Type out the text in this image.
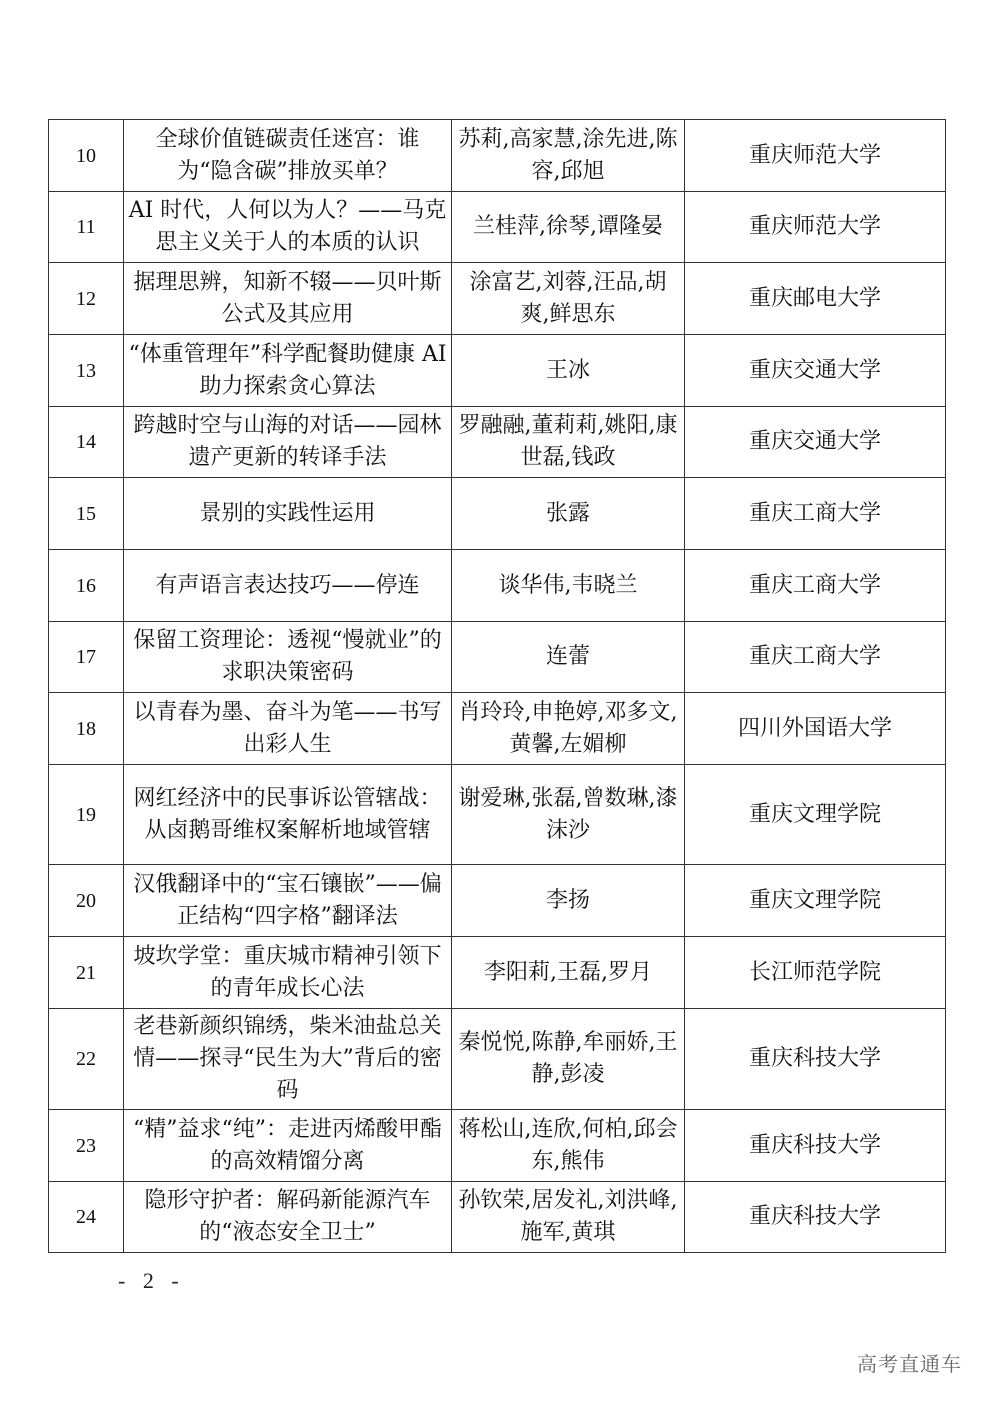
10	全球价值链碳责任迷宫：谁为“隐含碳”排放买单？	苏莉,高家慧,涂先进,陈容,邱旭	重庆师范大学
11	AI 时代，人何以为人？——马克思主义关于人的本质的认识	兰桂萍,徐琴,谭隆晏	重庆师范大学
12	据理思辨，知新不辍——贝叶斯公式及其应用	涂富艺,刘蓉,汪品,胡爽,鲜思东	重庆邮电大学
13	“体重管理年”科学配餐助健康 AI 助力探索贪心算法	王冰	重庆交通大学
14	跨越时空与山海的对话——园林遗产更新的转译手法	罗融融,董莉莉,姚阳,康世磊,钱政	重庆交通大学
15	景别的实践性运用	张露	重庆工商大学
16	有声语言表达技巧——停连	谈华伟,韦晓兰	重庆工商大学
17	保留工资理论：透视“慢就业”的求职决策密码	连蕾	重庆工商大学
18	以青春为墨、奋斗为笔——书写出彩人生	肖玲玲,申艳婷,邓多文,黄馨,左媚柳	四川外国语大学
19	网红经济中的民事诉讼管辖战：从卤鹅哥维权案解析地域管辖	谢爱琳,张磊,曾数琳,漆沫沙	重庆文理学院
20	汉俄翻译中的“宝石镶嵌”——偏正结构“四字格”翻译法	李扬	重庆文理学院
21	坡坎学堂：重庆城市精神引领下的青年成长心法	李阳莉,王磊,罗月	长江师范学院
22	老巷新颜织锦绣，柴米油盐总关情——探寻“民生为大”背后的密码	秦悦悦,陈静,牟丽娇,王静,彭凌	重庆科技大学
23	“精”益求“纯”：走进丙烯酸甲酯的高效精馏分离	蒋松山,连欣,何柏,邱会东,熊伟	重庆科技大学
24	隐形守护者：解码新能源汽车的“液态安全卫士”	孙钦荣,居发礼,刘洪峰,施军,黄琪	重庆科技大学
- 2 -
高考直通车
